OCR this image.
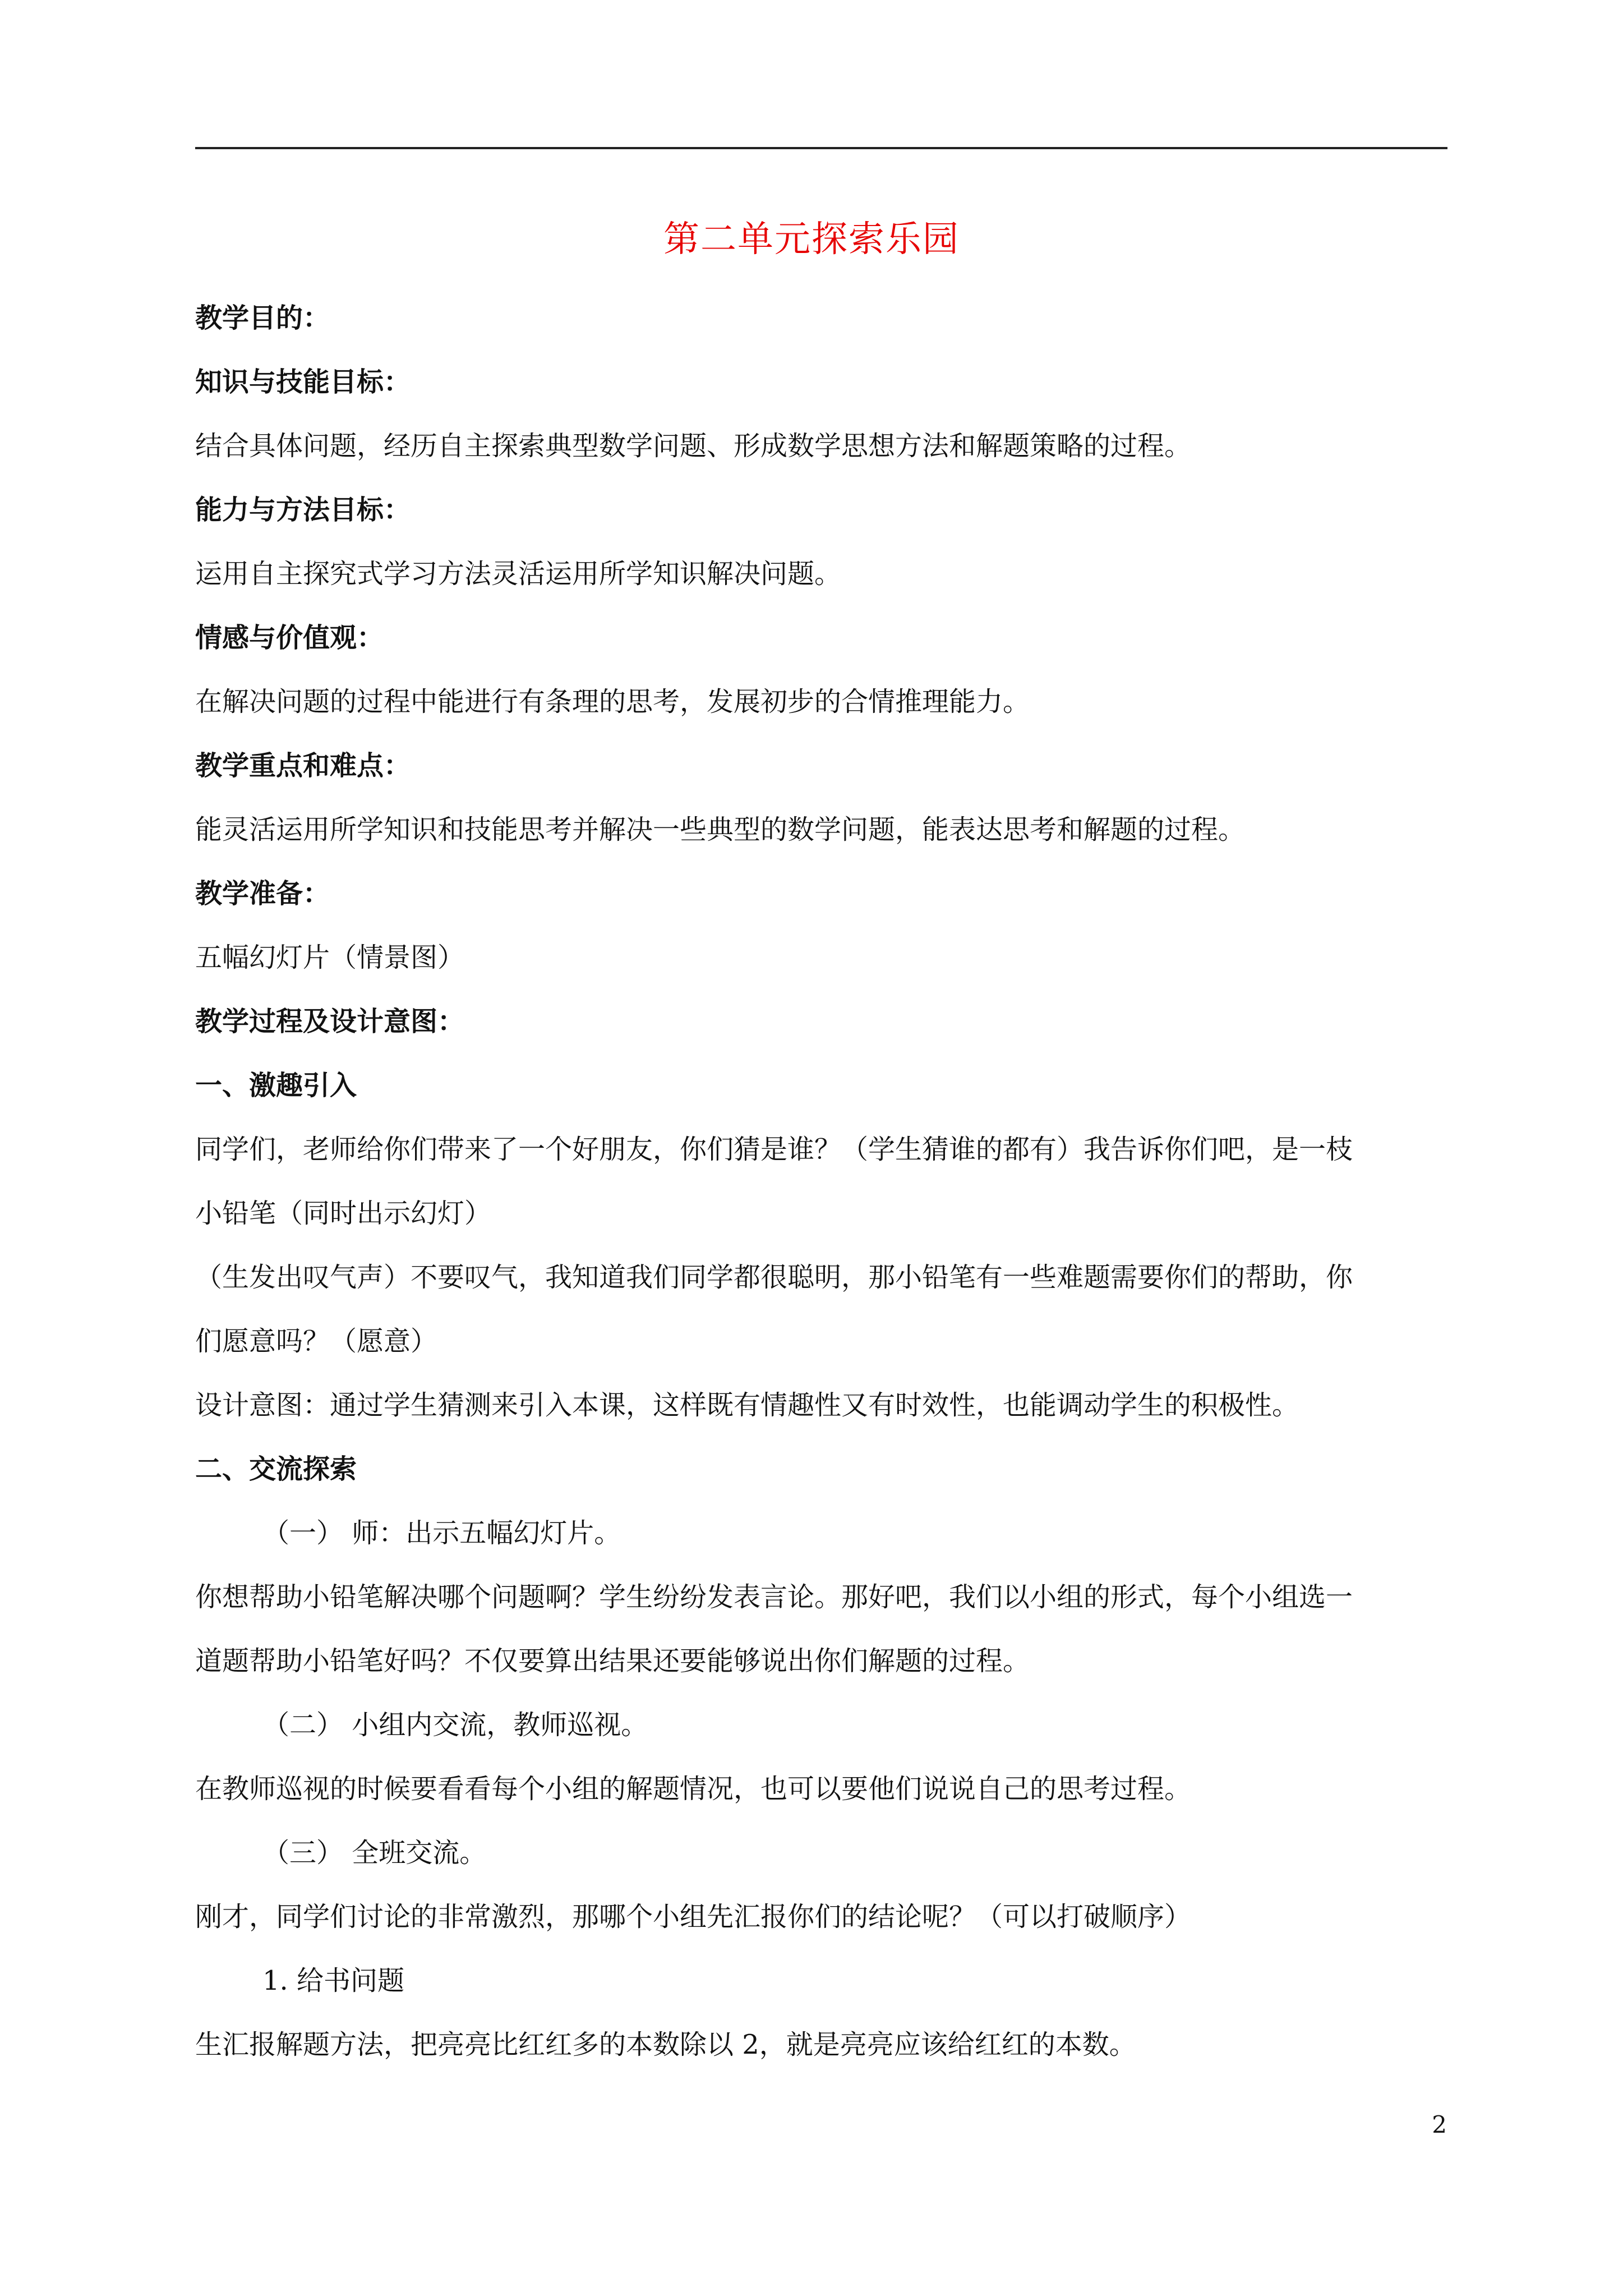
第二单元探索乐园
教学目的：
知识与技能目标：
结合具体问题，经历自主探索典型数学问题、形成数学思想方法和解题策略的过程。
能力与方法目标：
运用自主探究式学习方法灵活运用所学知识解决问题。
情感与价值观：
在解决问题的过程中能进行有条理的思考，发展初步的合情推理能力。
教学重点和难点：
能灵活运用所学知识和技能思考并解决一些典型的数学问题，能表达思考和解题的过程。
教学准备：
五幅幻灯片（情景图）
教学过程及设计意图：
一、激趣引入
同学们，老师给你们带来了一个好朋友，你们猜是谁？（学生猜谁的都有）我告诉你们吧，是一枝
小铅笔（同时出示幻灯）
（生发出叹气声）不要叹气，我知道我们同学都很聪明，那小铅笔有一些难题需要你们的帮助，你
们愿意吗？（愿意）
设计意图：通过学生猜测来引入本课，这样既有情趣性又有时效性，也能调动学生的积极性。
二、交流探索
（一） 师：出示五幅幻灯片。
你想帮助小铅笔解决哪个问题啊？学生纷纷发表言论。那好吧，我们以小组的形式，每个小组选一
道题帮助小铅笔好吗？不仅要算出结果还要能够说出你们解题的过程。
（二） 小组内交流，教师巡视。
在教师巡视的时候要看看每个小组的解题情况，也可以要他们说说自己的思考过程。
（三） 全班交流。
刚才，同学们讨论的非常激烈，那哪个小组先汇报你们的结论呢？（可以打破顺序）
1. 给书问题
生汇报解题方法，把亮亮比红红多的本数除以 2，就是亮亮应该给红红的本数。
2
